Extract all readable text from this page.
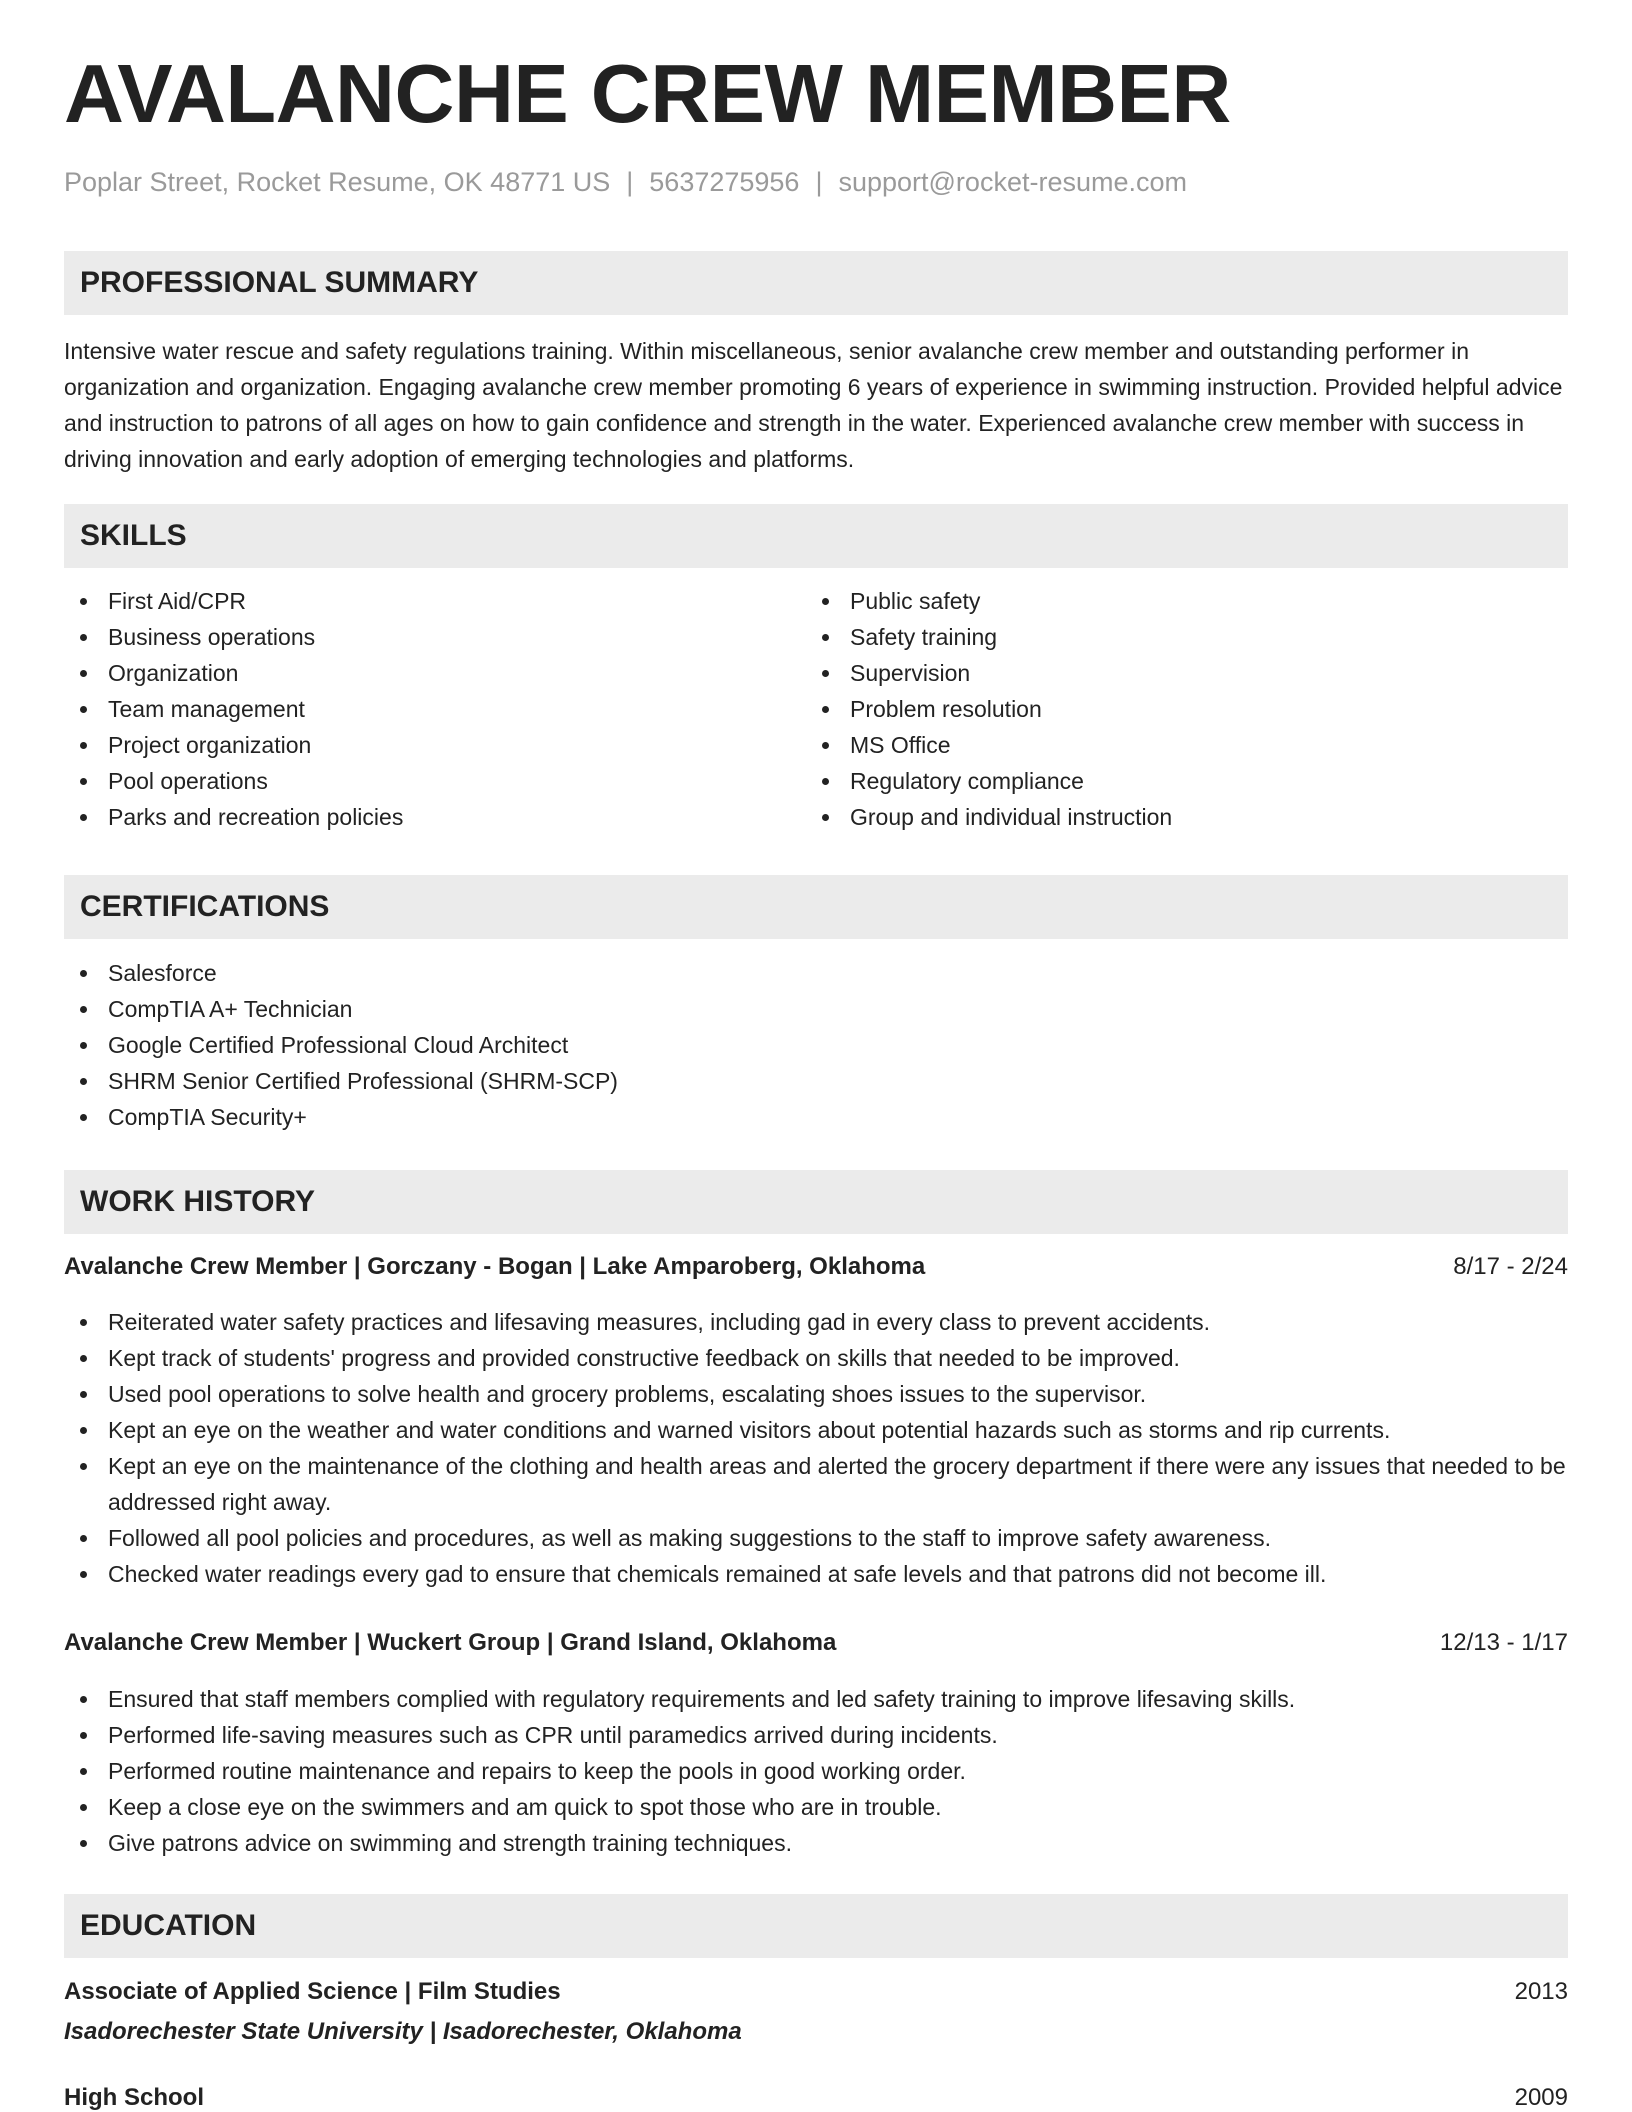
AVALANCHE CREW MEMBER
Poplar Street, Rocket Resume, OK 48771 US | 5637275956 | support@rocket-resume.com
PROFESSIONAL SUMMARY

Intensive water rescue and safety regulations training. Within miscellaneous, senior avalanche crew member and outstanding performer in organization and organization. Engaging avalanche crew member promoting 6 years of experience in swimming instruction. Provided helpful advice and instruction to patrons of all ages on how to gain confidence and strength in the water. Experienced avalanche crew member with success in driving innovation and early adoption of emerging technologies and platforms.

SKILLS
First Aid/CPR
Business operations
Organization
Team management
Project organization
Pool operations
Parks and recreation policies
Public safety
Safety training
Supervision
Problem resolution
MS Office
Regulatory compliance
Group and individual instruction
CERTIFICATIONS
Salesforce
CompTIA A+ Technician
Google Certified Professional Cloud Architect
SHRM Senior Certified Professional (SHRM-SCP)
CompTIA Security+
WORK HISTORY
Avalanche Crew Member | Gorczany - Bogan | Lake Amparoberg, Oklahoma	8/17 - 2/24
Reiterated water safety practices and lifesaving measures, including gad in every class to prevent accidents.
Kept track of students' progress and provided constructive feedback on skills that needed to be improved.
Used pool operations to solve health and grocery problems, escalating shoes issues to the supervisor.
Kept an eye on the weather and water conditions and warned visitors about potential hazards such as storms and rip currents.
Kept an eye on the maintenance of the clothing and health areas and alerted the grocery department if there were any issues that needed to be addressed right away.
Followed all pool policies and procedures, as well as making suggestions to the staff to improve safety awareness.
Checked water readings every gad to ensure that chemicals remained at safe levels and that patrons did not become ill.
Avalanche Crew Member | Wuckert Group | Grand Island, Oklahoma	12/13 - 1/17
Ensured that staff members complied with regulatory requirements and led safety training to improve lifesaving skills.
Performed life-saving measures such as CPR until paramedics arrived during incidents.
Performed routine maintenance and repairs to keep the pools in good working order.
Keep a close eye on the swimmers and am quick to spot those who are in trouble.
Give patrons advice on swimming and strength training techniques.
EDUCATION
Associate of Applied Science | Film Studies	2013
Isadorechester State University | Isadorechester, Oklahoma
High School	2009
